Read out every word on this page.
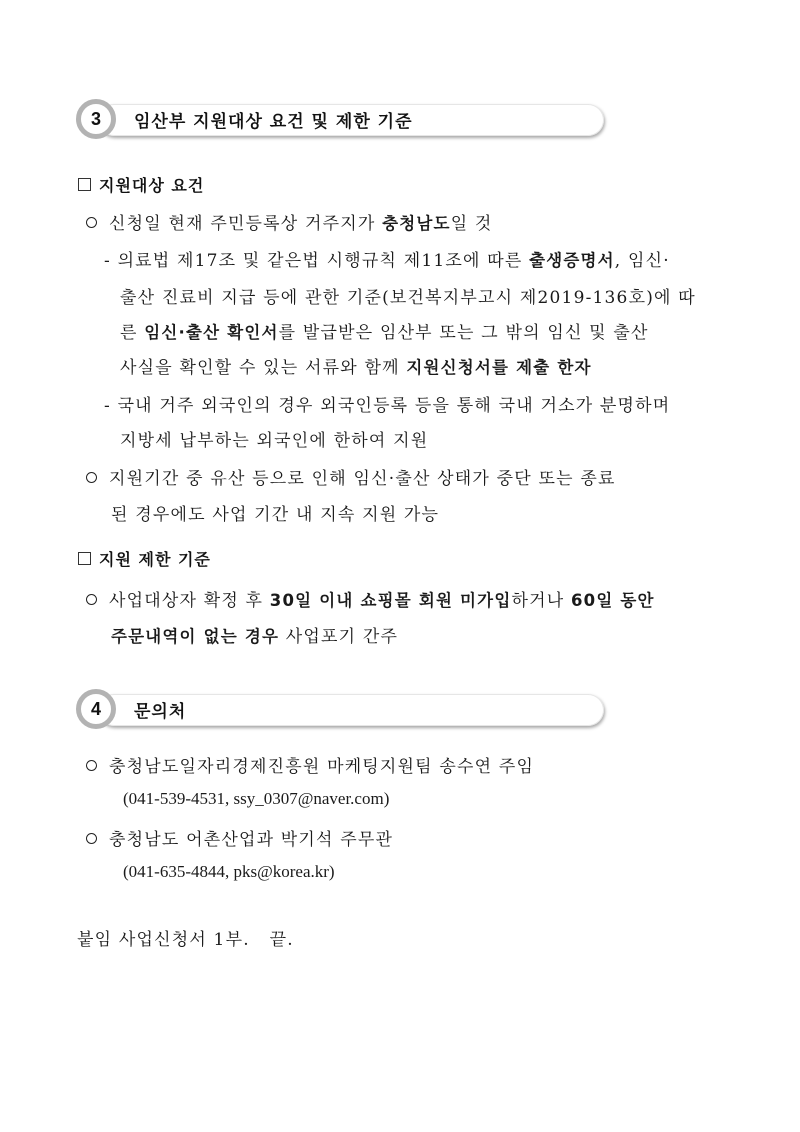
3	임산부 지원대상 요건 및 제한 기준
지원대상 요건
신청일 현재 주민등록상 거주지가 충청남도일 것
- 의료법 제17조 및 같은법 시행규칙 제11조에 따른 출생증명서, 임신·
출산 진료비 지급 등에 관한 기준(보건복지부고시 제2019-136호)에 따
른 임신·출산 확인서를 발급받은 임산부 또는 그 밖의 임신 및 출산
사실을 확인할 수 있는 서류와 함께 지원신청서를 제출 한자
- 국내 거주 외국인의 경우 외국인등록 등을 통해 국내 거소가 분명하며
지방세 납부하는 외국인에 한하여 지원
지원기간 중 유산 등으로 인해 임신·출산 상태가 중단 또는 종료
된 경우에도 사업 기간 내 지속 지원 가능
지원 제한 기준
사업대상자 확정 후 30일 이내 쇼핑몰 회원 미가입하거나 60일 동안
주문내역이 없는 경우 사업포기 간주
4	문의처
충청남도일자리경제진흥원 마케팅지원팀 송수연 주임
(041-539-4531, ssy_0307@naver.com)
충청남도 어촌산업과 박기석 주무관
(041-635-4844, pks@korea.kr)
붙임 사업신청서 1부.   끝.
